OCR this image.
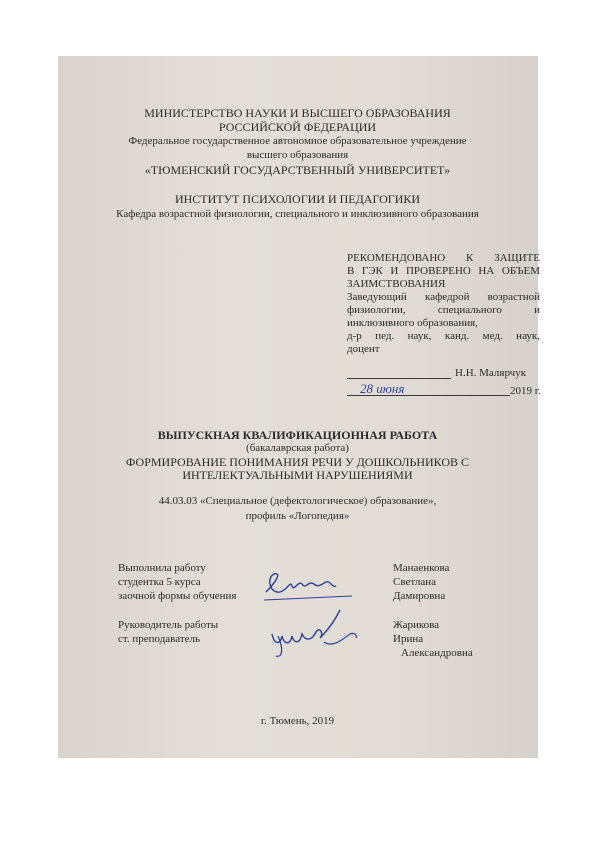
МИНИСТЕРСТВО НАУКИ И ВЫСШЕГО ОБРАЗОВАНИЯ
РОССИЙСКОЙ ФЕДЕРАЦИИ
Федеральное государственное автономное образовательное учреждение
высшего образования
«ТЮМЕНСКИЙ ГОСУДАРСТВЕННЫЙ УНИВЕРСИТЕТ»
ИНСТИТУТ ПСИХОЛОГИИ И ПЕДАГОГИКИ
Кафедра возрастной физиологии, специального и инклюзивного образования
РЕКОМЕНДОВАНО К ЗАЩИТЕ
В ГЭК И ПРОВЕРЕНО НА ОБЪЕМ
ЗАИМСТВОВАНИЯ
Заведующий кафедрой возрастной
физиологии, специального и
инклюзивного образования,
д-р пед. наук, канд. мед. наук,
доцент
Н.Н. Малярчук
28 июня	2019 г.
ВЫПУСКНАЯ КВАЛИФИКАЦИОННАЯ РАБОТА
(бакалаврская работа)
ФОРМИРОВАНИЕ ПОНИМАНИЯ РЕЧИ У ДОШКОЛЬНИКОВ С
ИНТЕЛЕКТУАЛЬНЫМИ НАРУШЕНИЯМИ
44.03.03 «Специальное (дефектологическое) образование»,
профиль «Логопедия»
Выполнила работу
студентка 5 курса
заочной формы обучения
Манаенкова
Светлана
Дамировна
Руководитель работы
ст. преподаватель
Жарикова
Ирина
Александровна
г. Тюмень, 2019
